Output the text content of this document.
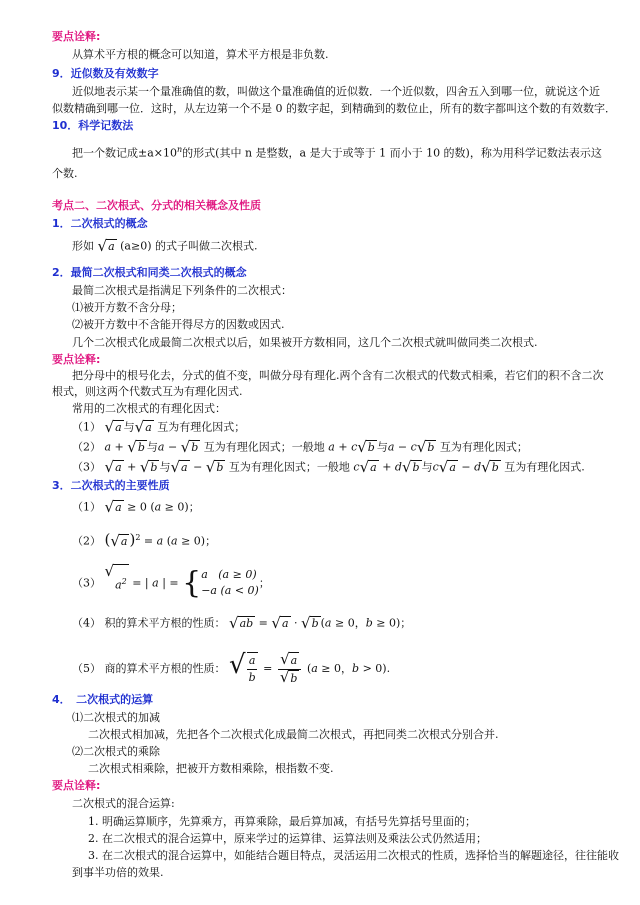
要点诠释:
从算术平方根的概念可以知道，算术平方根是非负数.
9．近似数及有效数字
近似地表示某一个量准确值的数，叫做这个量准确值的近似数．一个近似数，四舍五入到哪一位，就说这个近
似数精确到哪一位．这时，从左边第一个不是 0 的数字起，到精确到的数位止，所有的数字都叫这个数的有效数字．
10．科学记数法
把一个数记成$\pm a\times 10^n$的形式(其中 n 是整数，a 是大于或等于 1 而小于 10 的数)，称为用科学记数法表示这
个数.
考点二、二次根式、分式的相关概念及性质
1．二次根式的概念
形如 √ a (a≥0) 的式子叫做二次根式.
2．最简二次根式和同类二次根式的概念
最简二次根式是指满足下列条件的二次根式：
⑴被开方数不含分母；
⑵被开方数中不含能开得尽方的因数或因式.
几个二次根式化成最简二次根式以后，如果被开方数相同，这几个二次根式就叫做同类二次根式.
要点诠释:
把分母中的根号化去，分式的值不变，叫做分母有理化.两个含有二次根式的代数式相乘，若它们的积不含二次
根式，则这两个代数式互为有理化因式.
常用的二次根式的有理化因式：
（1） √ a 与 √ a 互为有理化因式；
（2） a + √ b 与a − √ b 互为有理化因式；一般地 a + c √ b 与a − c √ b 互为有理化因式；
（3） √ a + √ b 与 √ a − √ b 互为有理化因式；一般地 c √ a + d √ b 与c √ a − d √ b 互为有理化因式.
3．二次根式的主要性质
（1） √ a ≥ 0 (a ≥ 0)；
（2） ( √ a )$^2$ = a (a ≥ 0)；
（3）
√
$a^2$ = | a | = { a   (a ≥ 0)
−a (a < 0)
；
（4） 积的算术平方根的性质： √ ab = √ a · √ b (a ≥ 0，b ≥ 0)；
（5） 商的算术平方根的性质： √ $\frac{a}{b} = \frac{√ a}{√ b} (a \ge 0$，b > 0).
4．　二次根式的运算
⑴二次根式的加减
二次根式相加减，先把各个二次根式化成最简二次根式，再把同类二次根式分别合并.
⑵二次根式的乘除
二次根式相乘除，把被开方数相乘除，根指数不变.
要点诠释:
二次根式的混合运算:
1. 明确运算顺序，先算乘方，再算乘除，最后算加减，有括号先算括号里面的；
2. 在二次根式的混合运算中，原来学过的运算律、运算法则及乘法公式仍然适用；
3. 在二次根式的混合运算中，如能结合题目特点，灵活运用二次根式的性质，选择恰当的解题途径，往往能收
到事半功倍的效果.
